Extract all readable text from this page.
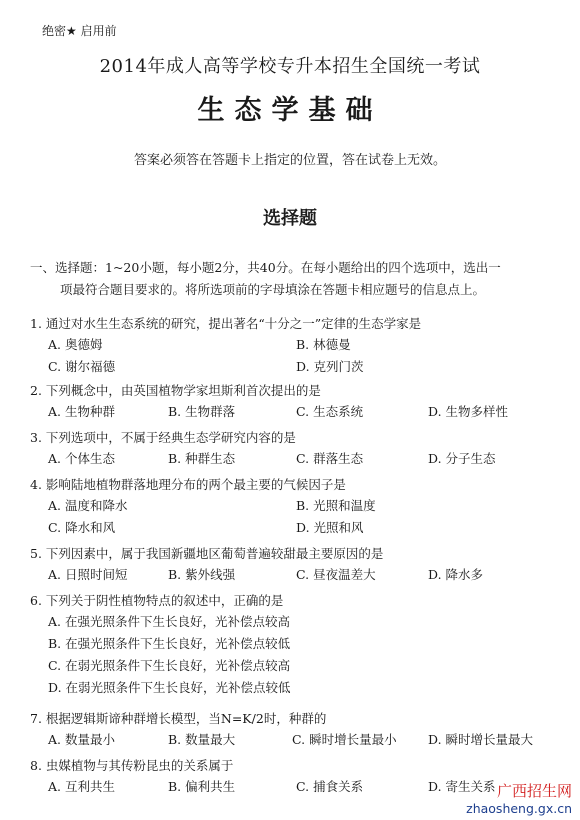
绝密★ 启用前
2014年成人高等学校专升本招生全国统一考试
生态学基础
答案必须答在答题卡上指定的位置，答在试卷上无效。
选择题
一、选择题：1~20小题，每小题2分，共40分。在每小题给出的四个选项中，选出一
项最符合题目要求的。将所选项前的字母填涂在答题卡相应题号的信息点上。
1. 通过对水生生态系统的研究，提出著名“十分之一”定律的生态学家是
A. 奥德姆	B. 林德曼
C. 谢尔福德	D. 克列门茨
2. 下列概念中，由英国植物学家坦斯利首次提出的是
A. 生物种群	B. 生物群落	C. 生态系统	D. 生物多样性
3. 下列选项中，不属于经典生态学研究内容的是
A. 个体生态	B. 种群生态	C. 群落生态	D. 分子生态
4. 影响陆地植物群落地理分布的两个最主要的气候因子是
A. 温度和降水	B. 光照和温度
C. 降水和风	D. 光照和风
5. 下列因素中，属于我国新疆地区葡萄普遍较甜最主要原因的是
A. 日照时间短	B. 紫外线强	C. 昼夜温差大	D. 降水多
6. 下列关于阴性植物特点的叙述中，正确的是
A. 在强光照条件下生长良好，光补偿点较高
B. 在强光照条件下生长良好，光补偿点较低
C. 在弱光照条件下生长良好，光补偿点较高
D. 在弱光照条件下生长良好，光补偿点较低
7. 根据逻辑斯谛种群增长模型，当N=K/2时，种群的
A. 数量最小	B. 数量最大	C. 瞬时增长量最小	D. 瞬时增长量最大
8. 虫媒植物与其传粉昆虫的关系属于
A. 互利共生	B. 偏利共生	C. 捕食关系	D. 寄生关系 广西招生网
zhaosheng.gx.cn
